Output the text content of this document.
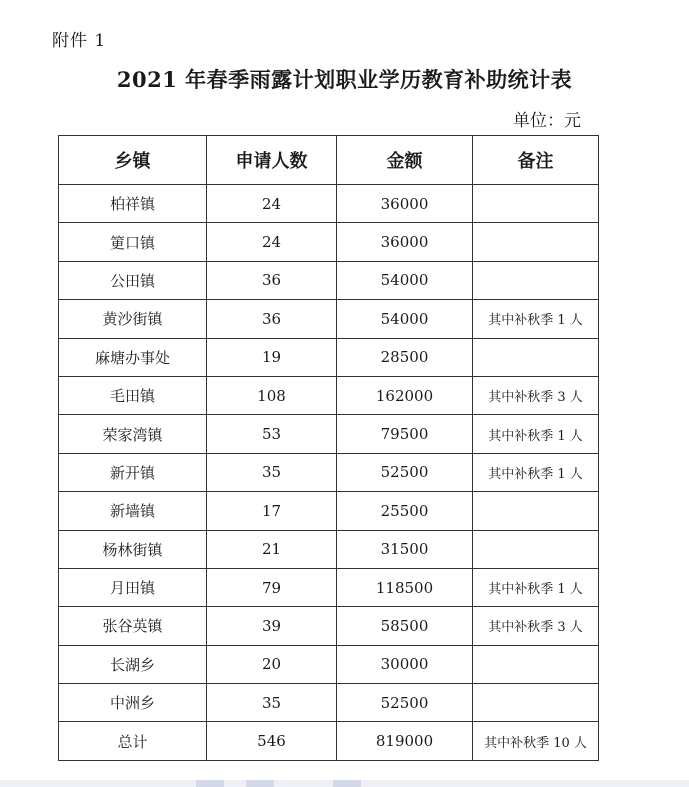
附件 1
2021 年春季雨露计划职业学历教育补助统计表
单位：元
乡镇	申请人数	金额	备注
柏祥镇	24	36000	
筻口镇	24	36000	
公田镇	36	54000	
黄沙街镇	36	54000	其中补秋季 1 人
麻塘办事处	19	28500	
毛田镇	108	162000	其中补秋季 3 人
荣家湾镇	53	79500	其中补秋季 1 人
新开镇	35	52500	其中补秋季 1 人
新墙镇	17	25500	
杨林街镇	21	31500	
月田镇	79	118500	其中补秋季 1 人
张谷英镇	39	58500	其中补秋季 3 人
长湖乡	20	30000	
中洲乡	35	52500	
总计	546	819000	其中补秋季 10 人
